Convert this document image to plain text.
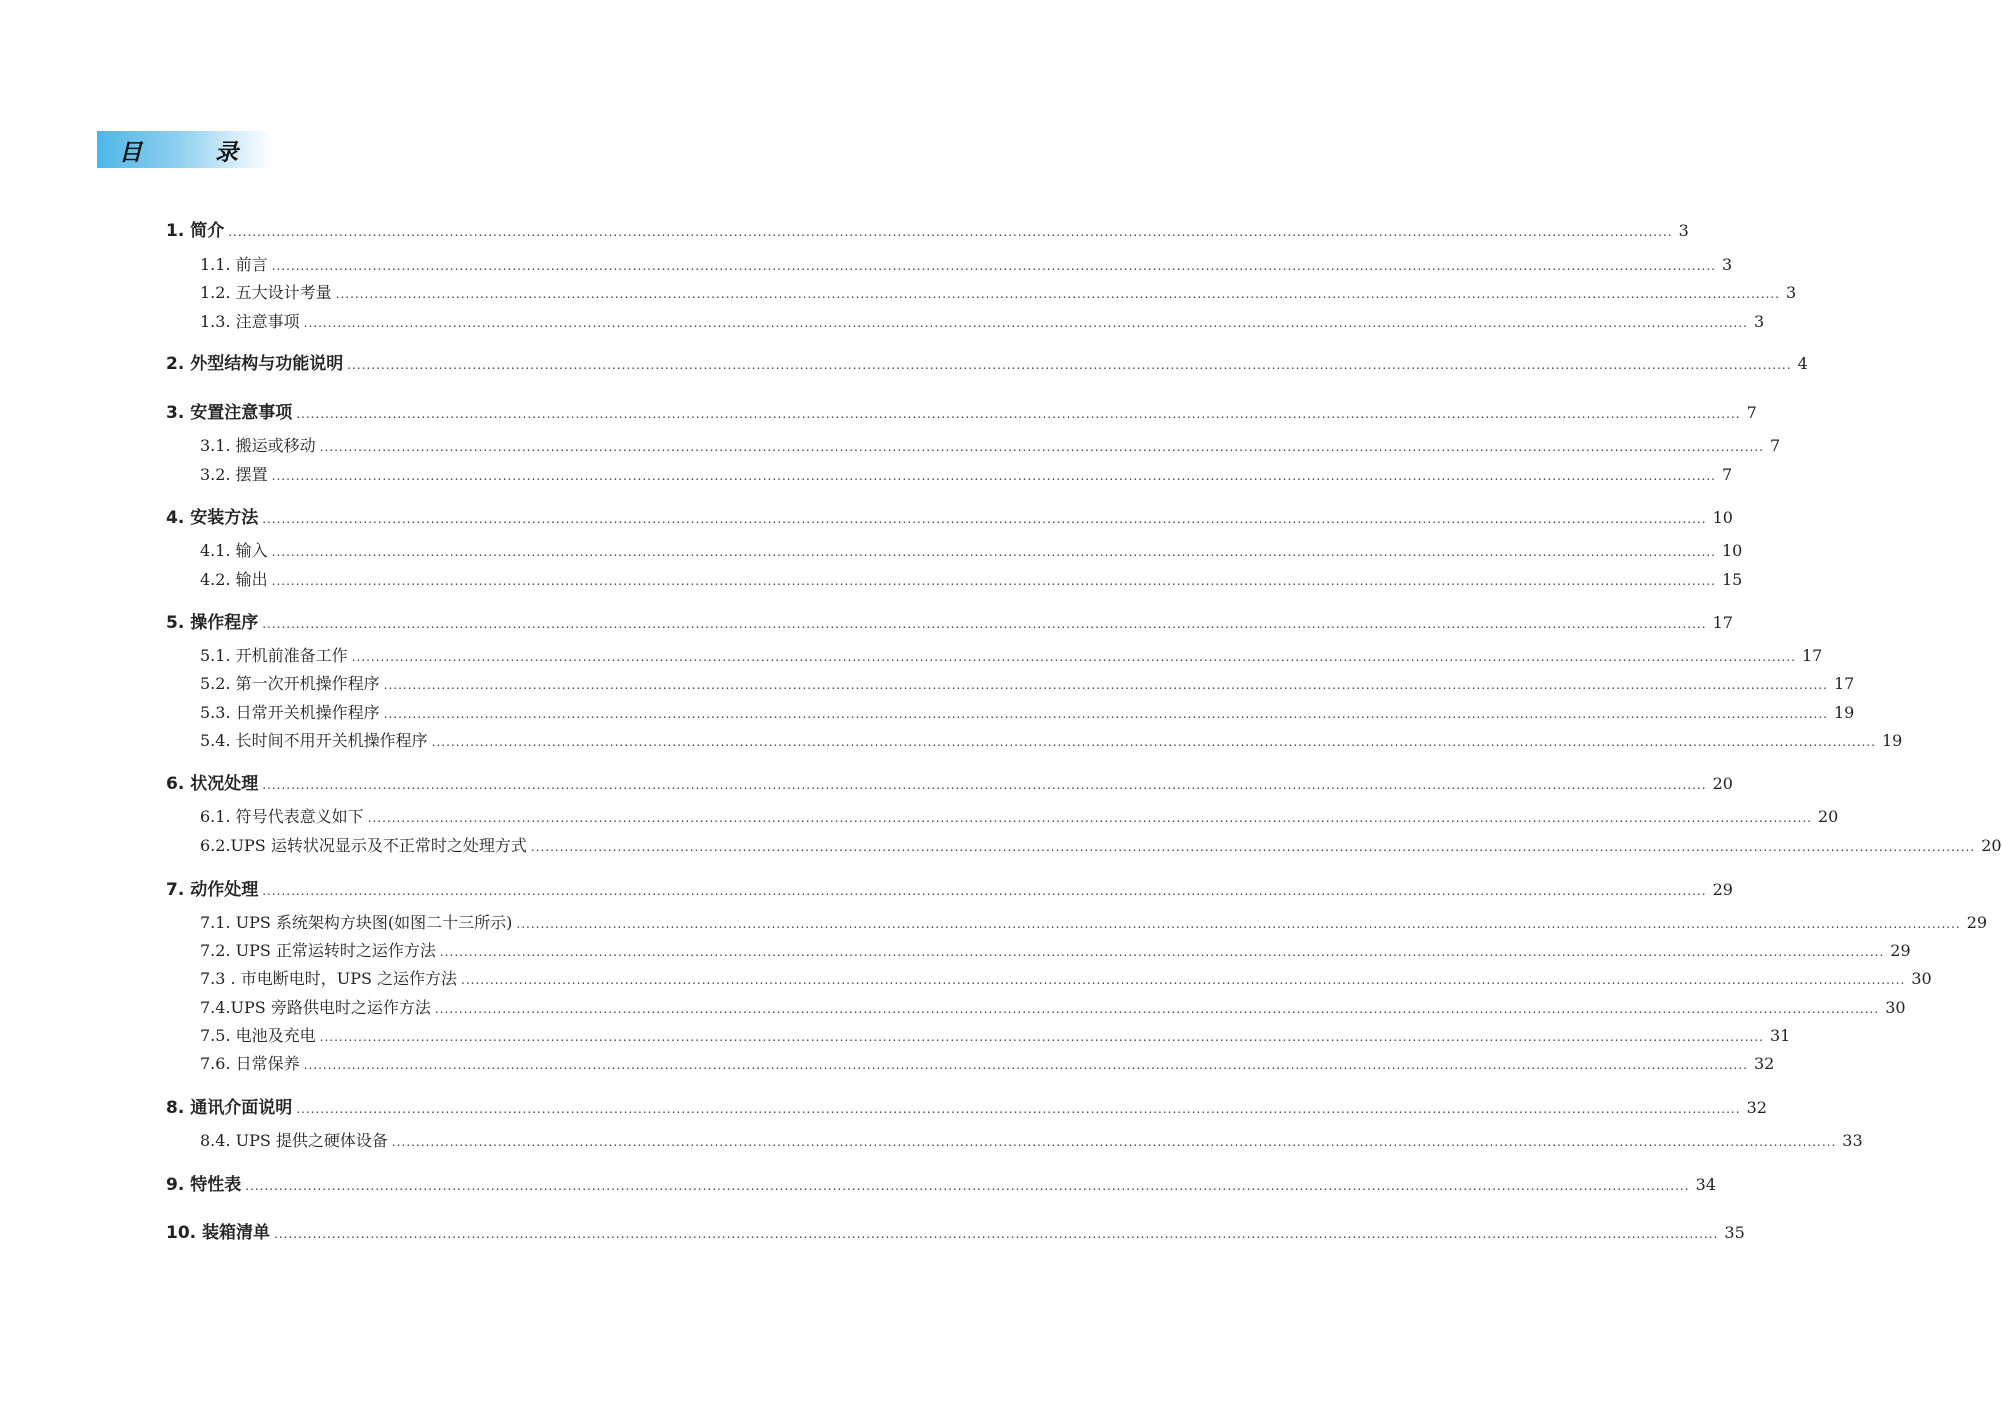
目	录
1. 简介 ............................................................................................................................................................................................................................................................................................................ 3
1.1. 前言 ............................................................................................................................................................................................................................................................................................................ 3
1.2. 五大设计考量 ............................................................................................................................................................................................................................................................................................................ 3
1.3. 注意事项 ............................................................................................................................................................................................................................................................................................................ 3
2. 外型结构与功能说明 ............................................................................................................................................................................................................................................................................................................ 4
3. 安置注意事项 ............................................................................................................................................................................................................................................................................................................ 7
3.1. 搬运或移动 ............................................................................................................................................................................................................................................................................................................ 7
3.2. 摆置 ............................................................................................................................................................................................................................................................................................................ 7
4. 安装方法 ............................................................................................................................................................................................................................................................................................................ 10
4.1. 输入 ............................................................................................................................................................................................................................................................................................................ 10
4.2. 输出 ............................................................................................................................................................................................................................................................................................................ 15
5. 操作程序 ............................................................................................................................................................................................................................................................................................................ 17
5.1. 开机前准备工作 ............................................................................................................................................................................................................................................................................................................ 17
5.2. 第一次开机操作程序 ............................................................................................................................................................................................................................................................................................................ 17
5.3. 日常开关机操作程序 ............................................................................................................................................................................................................................................................................................................ 19
5.4. 长时间不用开关机操作程序 ............................................................................................................................................................................................................................................................................................................ 19
6. 状况处理 ............................................................................................................................................................................................................................................................................................................ 20
6.1. 符号代表意义如下 ............................................................................................................................................................................................................................................................................................................ 20
6.2.UPS 运转状况显示及不正常时之处理方式 ............................................................................................................................................................................................................................................................................................................ 20
7. 动作处理 ............................................................................................................................................................................................................................................................................................................ 29
7.1. UPS 系统架构方块图(如图二十三所示) ............................................................................................................................................................................................................................................................................................................ 29
7.2. UPS 正常运转时之运作方法 ............................................................................................................................................................................................................................................................................................................ 29
7.3 . 市电断电时，UPS 之运作方法 ............................................................................................................................................................................................................................................................................................................ 30
7.4.UPS 旁路供电时之运作方法 ............................................................................................................................................................................................................................................................................................................ 30
7.5. 电池及充电 ............................................................................................................................................................................................................................................................................................................ 31
7.6. 日常保养 ............................................................................................................................................................................................................................................................................................................ 32
8. 通讯介面说明 ............................................................................................................................................................................................................................................................................................................ 32
8.4. UPS 提供之硬体设备 ............................................................................................................................................................................................................................................................................................................ 33
9. 特性表 ............................................................................................................................................................................................................................................................................................................ 34
10. 装箱清单 ............................................................................................................................................................................................................................................................................................................ 35
